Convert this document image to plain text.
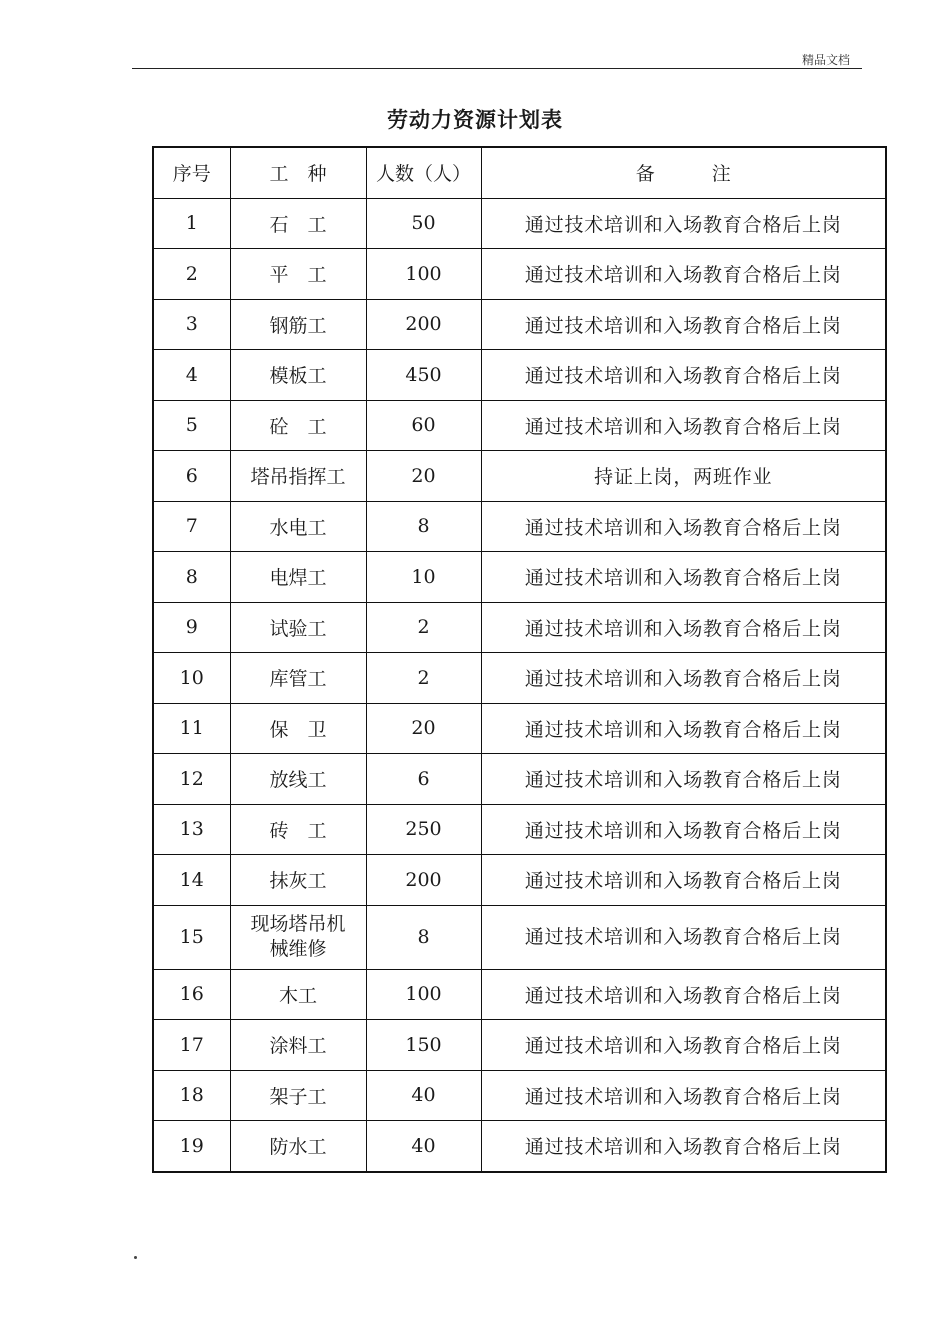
精品文档
劳动力资源计划表
序号	工　种	人数（人）	备　　　注
1	石　工	50	通过技术培训和入场教育合格后上岗
2	平　工	100	通过技术培训和入场教育合格后上岗
3	钢筋工	200	通过技术培训和入场教育合格后上岗
4	模板工	450	通过技术培训和入场教育合格后上岗
5	砼　工	60	通过技术培训和入场教育合格后上岗
6	塔吊指挥工	20	持证上岗，两班作业
7	水电工	8	通过技术培训和入场教育合格后上岗
8	电焊工	10	通过技术培训和入场教育合格后上岗
9	试验工	2	通过技术培训和入场教育合格后上岗
10	库管工	2	通过技术培训和入场教育合格后上岗
11	保　卫	20	通过技术培训和入场教育合格后上岗
12	放线工	6	通过技术培训和入场教育合格后上岗
13	砖　工	250	通过技术培训和入场教育合格后上岗
14	抹灰工	200	通过技术培训和入场教育合格后上岗
15	现场塔吊机械维修	8	通过技术培训和入场教育合格后上岗
16	木工	100	通过技术培训和入场教育合格后上岗
17	涂料工	150	通过技术培训和入场教育合格后上岗
18	架子工	40	通过技术培训和入场教育合格后上岗
19	防水工	40	通过技术培训和入场教育合格后上岗
